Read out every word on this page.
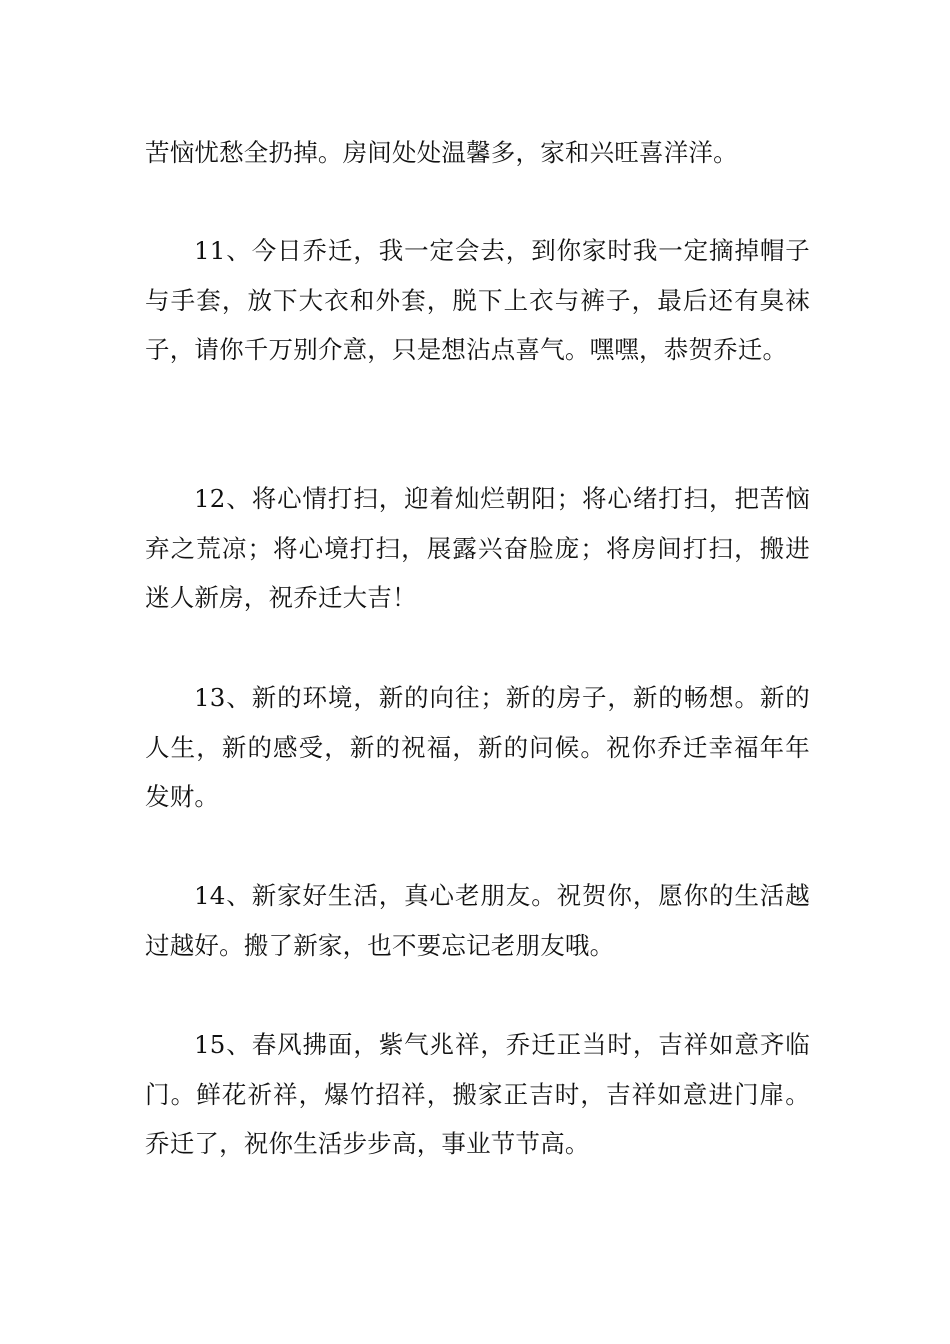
苦恼忧愁全扔掉。房间处处温馨多，家和兴旺喜洋洋。

11、今日乔迁，我一定会去，到你家时我一定摘掉帽子与手套，放下大衣和外套，脱下上衣与裤子，最后还有臭袜子，请你千万别介意，只是想沾点喜气。嘿嘿，恭贺乔迁。

12、将心情打扫，迎着灿烂朝阳；将心绪打扫，把苦恼弃之荒凉；将心境打扫，展露兴奋脸庞；将房间打扫，搬进迷人新房，祝乔迁大吉！

13、新的环境，新的向往；新的房子，新的畅想。新的人生，新的感受，新的祝福，新的问候。祝你乔迁幸福年年发财。

14、新家好生活，真心老朋友。祝贺你，愿你的生活越过越好。搬了新家，也不要忘记老朋友哦。

15、春风拂面，紫气兆祥，乔迁正当时，吉祥如意齐临门。鲜花祈祥，爆竹招祥，搬家正吉时，吉祥如意进门扉。乔迁了，祝你生活步步高，事业节节高。
